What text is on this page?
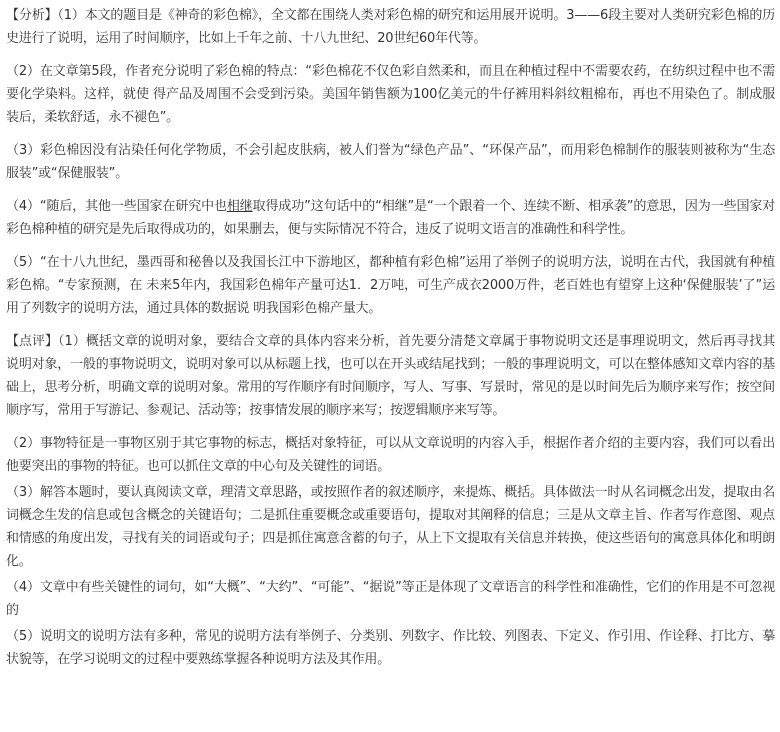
【分析】（1）本文的题目是《神奇的彩色棉》，全文都在围绕人类对彩色棉的研究和运用展开说明。3——6段主要对人类研究彩色棉的历史进行了说明，运用了时间顺序，比如上千年之前、十八九世纪、20世纪60年代等。

（2）在文章第5段，作者充分说明了彩色棉的特点：“彩色棉花不仅色彩自然柔和，而且在种植过程中不需要农药，在纺织过程中也不需要化学染料。这样，就使 得产品及周围不会受到污染。美国年销售额为100亿美元的牛仔裤用料斜纹粗棉布，再也不用染色了。制成服装后，柔软舒适，永不褪色”。

（3）彩色棉因没有沾染任何化学物质，不会引起皮肤病，被人们誉为“绿色产品”、“环保产品”，而用彩色棉制作的服装则被称为“生态服装”或“保健服装”。

（4）“随后，其他一些国家在研究中也相继取得成功”这句话中的“相继”是“一个跟着一个、连续不断、相承袭”的意思，因为一些国家对彩色棉种植的研究是先后取得成功的，如果删去，便与实际情况不符合，违反了说明文语言的准确性和科学性。

（5）“在十八九世纪，墨西哥和秘鲁以及我国长江中下游地区，都种植有彩色棉”运用了举例子的说明方法，说明在古代，我国就有种植彩色棉。“专家预测，在 未来5年内，我国彩色棉年产量可达1．2万吨，可生产成衣2000万件，老百姓也有望穿上这种‘保健服装’了”运用了列数字的说明方法，通过具体的数据说 明我国彩色棉产量大。

【点评】（1）概括文章的说明对象，要结合文章的具体内容来分析，首先要分清楚文章属于事物说明文还是事理说明文，然后再寻找其说明对象，一般的事物说明文，说明对象可以从标题上找，也可以在开头或结尾找到；一般的事理说明文，可以在整体感知文章内容的基础上，思考分析，明确文章的说明对象。常用的写作顺序有时间顺序，写人、写事、写景时，常见的是以时间先后为顺序来写作；按空间顺序写，常用于写游记、参观记、活动等；按事情发展的顺序来写；按逻辑顺序来写等。

（2）事物特征是一事物区别于其它事物的标志，概括对象特征，可以从文章说明的内容入手，根据作者介绍的主要内容，我们可以看出他要突出的事物的特征。也可以抓住文章的中心句及关键性的词语。

（3）解答本题时，要认真阅读文章，理清文章思路，或按照作者的叙述顺序，来提炼、概括。具体做法一时从名词概念出发，提取由名词概念生发的信息或包含概念的关键语句；二是抓住重要概念或重要语句，提取对其阐释的信息；三是从文章主旨、作者写作意图、观点和情感的角度出发，寻找有关的词语或句子；四是抓住寓意含蓄的句子，从上下文提取有关信息并转换，使这些语句的寓意具体化和明朗化。

（4）文章中有些关键性的词句，如“大概”、“大约”、“可能”、“据说”等正是体现了文章语言的科学性和准确性，它们的作用是不可忽视的

（5）说明文的说明方法有多种，常见的说明方法有举例子、分类别、列数字、作比较、列图表、下定义、作引用、作诠释、打比方、摹状貌等，在学习说明文的过程中要熟练掌握各种说明方法及其作用。
